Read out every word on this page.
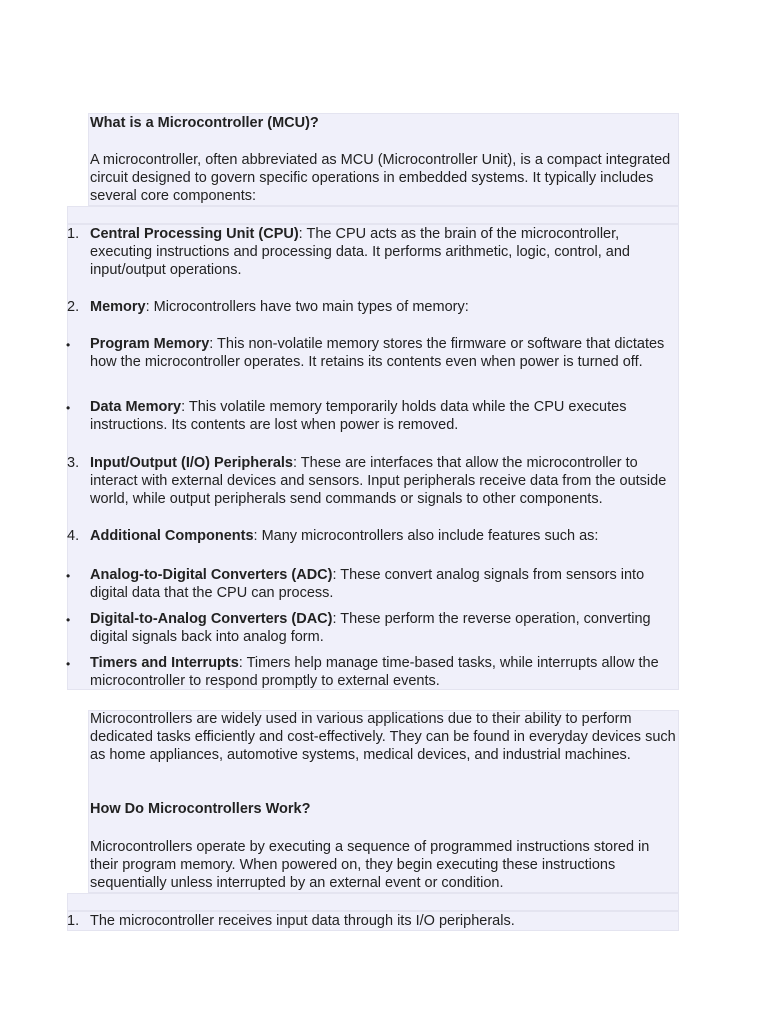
What is a Microcontroller (MCU)?

A microcontroller, often abbreviated as MCU (Microcontroller Unit), is a compact integrated circuit designed to govern specific operations in embedded systems. It typically includes several core components:

1. Central Processing Unit (CPU): The CPU acts as the brain of the microcontroller, executing instructions and processing data. It performs arithmetic, logic, control, and input/output operations.

2. Memory: Microcontrollers have two main types of memory:

• Program Memory: This non-volatile memory stores the firmware or software that dictates how the microcontroller operates. It retains its contents even when power is turned off.

• Data Memory: This volatile memory temporarily holds data while the CPU executes instructions. Its contents are lost when power is removed.

3. Input/Output (I/O) Peripherals: These are interfaces that allow the microcontroller to interact with external devices and sensors. Input peripherals receive data from the outside world, while output peripherals send commands or signals to other components.

4. Additional Components: Many microcontrollers also include features such as:

• Analog-to-Digital Converters (ADC): These convert analog signals from sensors into digital data that the CPU can process.

• Digital-to-Analog Converters (DAC): These perform the reverse operation, converting digital signals back into analog form.

• Timers and Interrupts: Timers help manage time-based tasks, while interrupts allow the microcontroller to respond promptly to external events.

Microcontrollers are widely used in various applications due to their ability to perform dedicated tasks efficiently and cost-effectively. They can be found in everyday devices such as home appliances, automotive systems, medical devices, and industrial machines.

How Do Microcontrollers Work?

Microcontrollers operate by executing a sequence of programmed instructions stored in their program memory. When powered on, they begin executing these instructions sequentially unless interrupted by an external event or condition.

1. The microcontroller receives input data through its I/O peripherals.
